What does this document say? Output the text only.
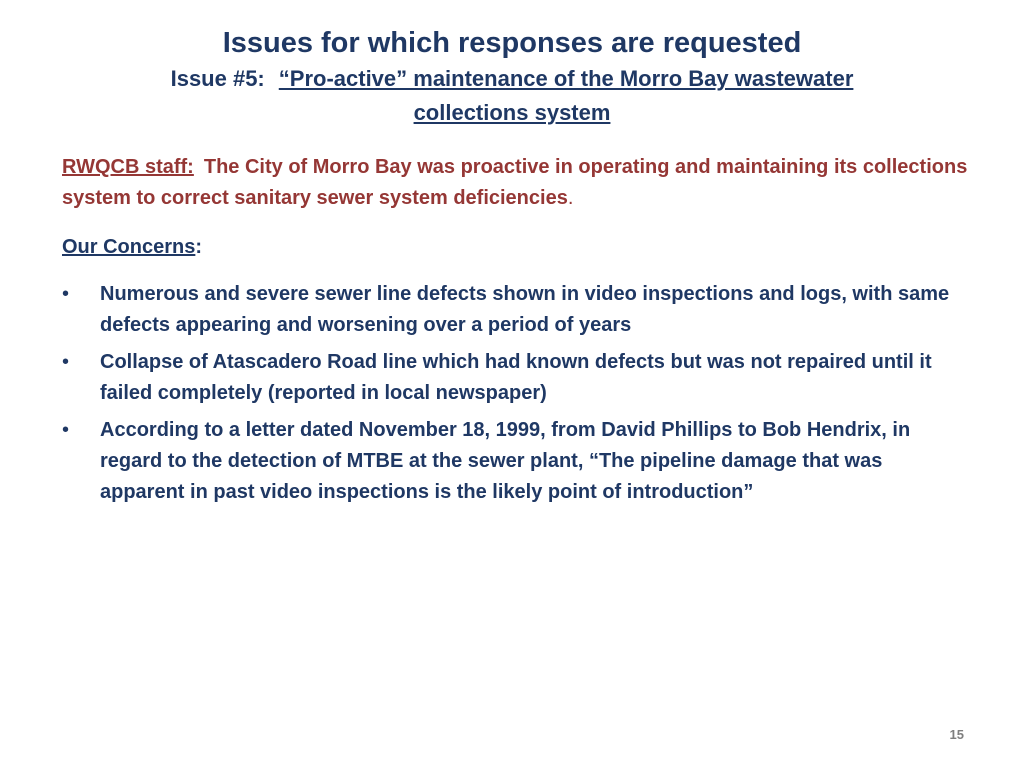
Issues for which responses are requested

Issue #5: “Pro-active” maintenance of the Morro Bay wastewater collections system

RWQCB staff: The City of Morro Bay was proactive in operating and maintaining its collections system to correct sanitary sewer system deficiencies.
Our Concerns:
•	Numerous and severe sewer line defects shown in video inspections and logs, with same defects appearing and worsening over a period of years
•	Collapse of Atascadero Road line which had known defects but was not repaired until it failed completely (reported in local newspaper)
•	According to a letter dated November 18, 1999, from David Phillips to Bob Hendrix, in regard to the detection of MTBE at the sewer plant, “The pipeline damage that was apparent in past video inspections is the likely point of introduction”
15
